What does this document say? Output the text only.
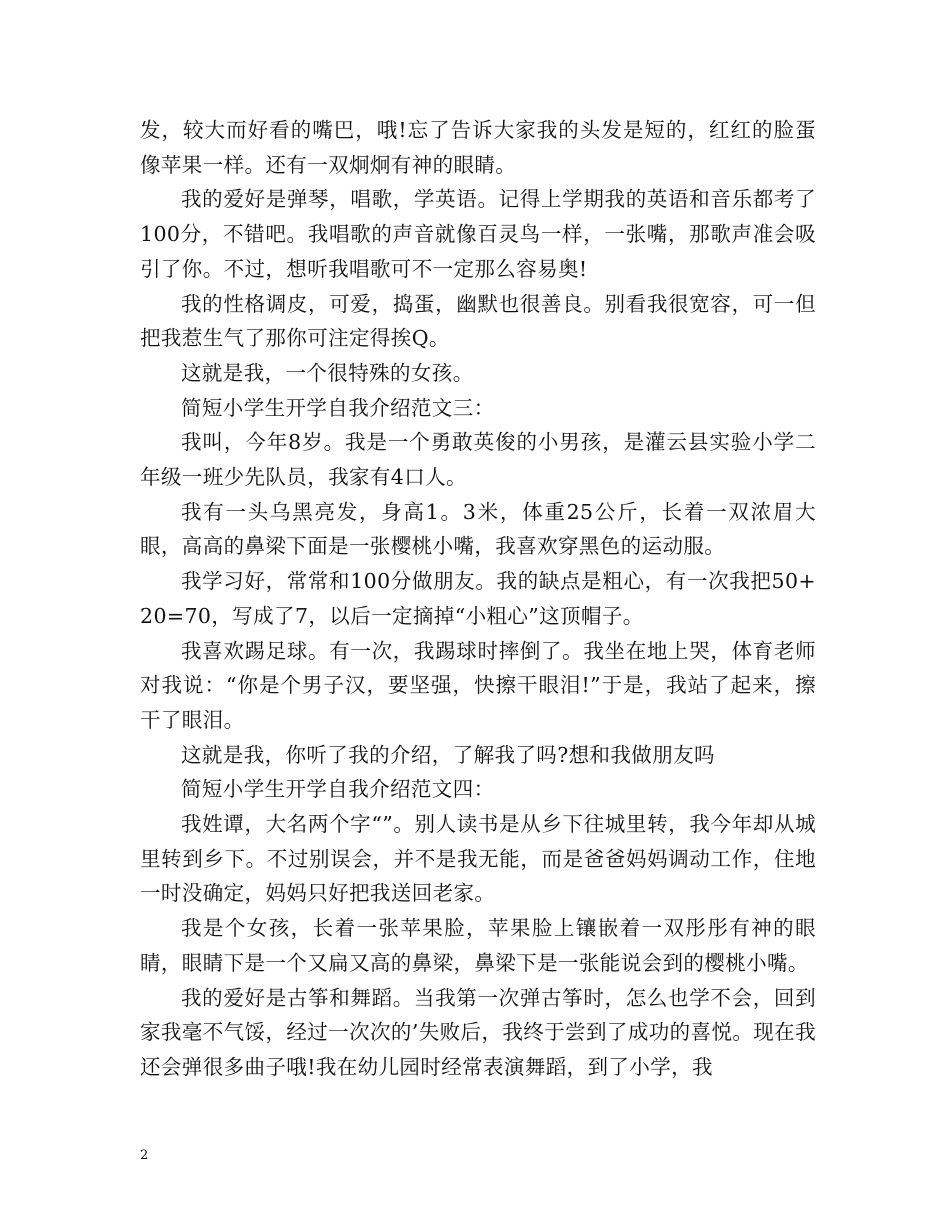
发，较大而好看的嘴巴，哦!忘了告诉大家我的头发是短的，红红的脸蛋像苹果一样。还有一双炯炯有神的眼睛。

我的爱好是弹琴，唱歌，学英语。记得上学期我的英语和音乐都考了100分，不错吧。我唱歌的声音就像百灵鸟一样，一张嘴，那歌声准会吸引了你。不过，想听我唱歌可不一定那么容易奥!

我的性格调皮，可爱，捣蛋，幽默也很善良。别看我很宽容，可一但把我惹生气了那你可注定得挨Q。

这就是我，一个很特殊的女孩。

简短小学生开学自我介绍范文三：

我叫，今年8岁。我是一个勇敢英俊的小男孩，是灌云县实验小学二年级一班少先队员，我家有4口人。

我有一头乌黑亮发，身高1。3米，体重25公斤，长着一双浓眉大眼，高高的鼻梁下面是一张樱桃小嘴，我喜欢穿黑色的运动服。

我学习好，常常和100分做朋友。我的缺点是粗心，有一次我把50+20=70，写成了7，以后一定摘掉“小粗心”这顶帽子。

我喜欢踢足球。有一次，我踢球时摔倒了。我坐在地上哭，体育老师对我说：“你是个男子汉，要坚强，快擦干眼泪!”于是，我站了起来，擦干了眼泪。

这就是我，你听了我的介绍，了解我了吗?想和我做朋友吗

简短小学生开学自我介绍范文四：

我姓谭，大名两个字“”。别人读书是从乡下往城里转，我今年却从城里转到乡下。不过别误会，并不是我无能，而是爸爸妈妈调动工作，住地一时没确定，妈妈只好把我送回老家。

我是个女孩，长着一张苹果脸，苹果脸上镶嵌着一双彤彤有神的眼睛，眼睛下是一个又扁又高的鼻梁，鼻梁下是一张能说会到的樱桃小嘴。

我的爱好是古筝和舞蹈。当我第一次弹古筝时，怎么也学不会，回到家我毫不气馁，经过一次次的’失败后，我终于尝到了成功的喜悦。现在我还会弹很多曲子哦!我在幼儿园时经常表演舞蹈，到了小学，我

2
